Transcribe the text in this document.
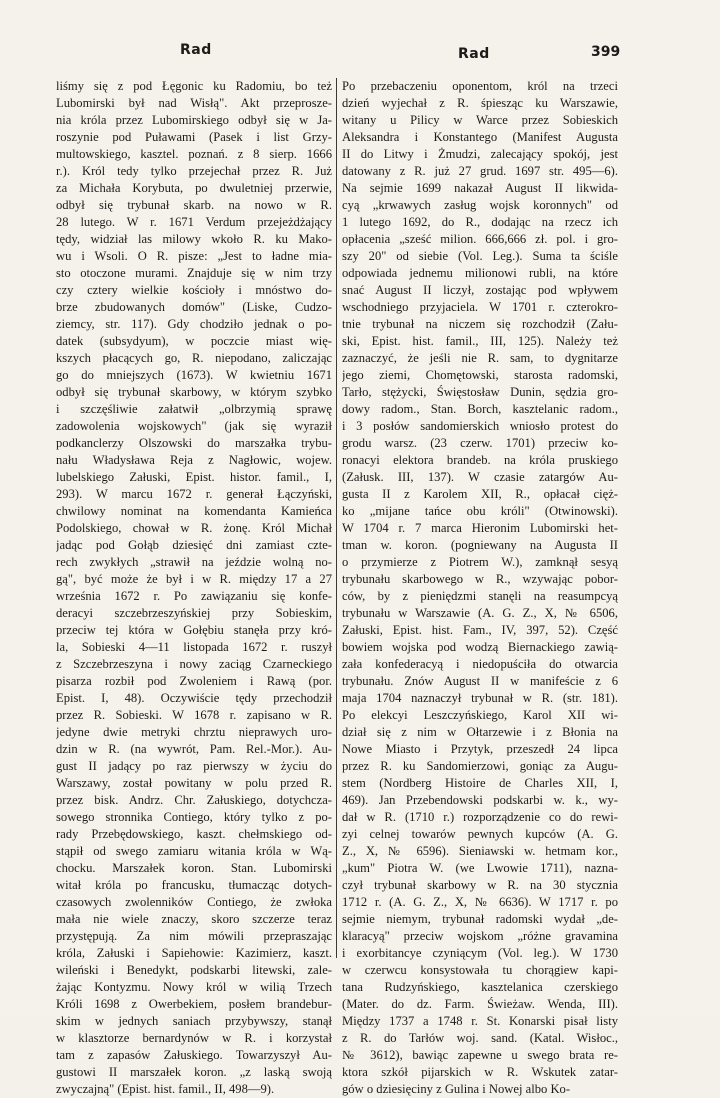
Rad	Rad	399
liśmy się z pod Łęgonic ku Radomiu, bo też
Lubomirski był nad Wisłą". Akt przeprosze-
nia króla przez Lubomirskiego odbył się w Ja-
roszynie pod Puławami (Pasek i list Grzy-
multowskiego, kasztel. poznań. z 8 sierp. 1666
r.). Król tedy tylko przejechał przez R. Już
za Michała Korybuta, po dwuletniej przerwie,
odbył się trybunał skarb. na nowo w R.
28 lutego. W r. 1671 Verdum przejeżdżający
tędy, widział las milowy wkoło R. ku Mako-
wu i Wsoli. O R. pisze: „Jest to ładne mia-
sto otoczone murami. Znajduje się w nim trzy
czy cztery wielkie kościoły i mnóstwo do-
brze zbudowanych domów" (Liske, Cudzo-
ziemcy, str. 117). Gdy chodziło jednak o po-
datek (subsydyum), w poczcie miast wię-
kszych płacących go, R. niepodano, zaliczając
go do mniejszych (1673). W kwietniu 1671
odbył się trybunał skarbowy, w którym szybko
i szczęśliwie załatwił „olbrzymią sprawę
zadowolenia wojskowych" (jak się wyraził
podkanclerzy Olszowski do marszałka trybu-
nału Władysława Reja z Nagłowic, wojew.
lubelskiego Załuski, Epist. histor. famil., I,
293). W marcu 1672 r. generał Łączyński,
chwilowy nominat na komendanta Kamieńca
Podolskiego, chował w R. żonę. Król Michał
jadąc pod Gołąb dziesięć dni zamiast cztе-
rech zwykłych „strawił na jeździe wolną no-
gą", być może że był i w R. między 17 a 27
września 1672 r. Po zawiązaniu się konfe-
deracyi szczebrzeszyńskiej przy Sobieskim,
przeciw tej która w Gołębiu stanęła przy kró-
la, Sobieski 4—11 listopada 1672 r. ruszył
z Szczebrzeszyna i nowy zaciąg Czarneckiego
pisarza rozbił pod Zwoleniem i Rawą (por.
Epist. I, 48). Oczywiście tędy przechodził
przez R. Sobieski. W 1678 r. zapisano w R.
jedyne dwie metryki chrztu nieprawych uro-
dzin w R. (na wywrót, Pam. Rel.-Mor.). Au-
gust II jadący po raz pierwszy w życiu do
Warszawy, został powitany w polu przed R.
przez bisk. Andrz. Chr. Załuskiego, dotychcza-
sowego stronnika Contiego, który tylko z po-
rady Przebędowskiego, kaszt. chełmskiego od-
stąpił od swego zamiaru witania króla w Wą-
chocku. Marszałek koron. Stan. Lubomirski
witał króla po francusku, tłumacząc dotych-
czasowych zwolenników Contiego, że zwłoka
mała nie wiele znaczy, skoro szczerze teraz
przystępują. Za nim mówili przepraszając
króla, Załuski i Sapiehowie: Kazimierz, kaszt.
wileński i Benedykt, podskarbi litewski, zale-
żając Kontyzmu. Nowy król w wilią Trzech
Króli 1698 z Owerbekiem, posłem brandebur-
skim w jednych saniach przybywszy, stanął
w klasztorze bernardynów w R. i korzystał
tam z zapasów Załuskiego. Towarzyszył Au-
gustowi II marszałek koron. „z laską swoją
zwyczajną" (Epist. hist. famil., II, 498—9).
Po przebaczeniu oponentom, król na trzeci
dzień wyjechał z R. śpiesząc ku Warszawie,
witany u Pilicy w Warce przez Sobieskich
Aleksandra i Konstantego (Manifest Augusta
II do Litwy i Żmudzi, zalecający spokój, jest
datowany z R. już 27 grud. 1697 str. 495—6).
Na sejmie 1699 nakazał August II likwida-
cyą „krwawych zasług wojsk koronnych" od
1 lutego 1692, do R., dodając na rzecz ich
opłacenia „sześć milion. 666,666 zł. pol. i gro-
szy 20" od siebie (Vol. Leg.). Suma ta ściśle
odpowiada jednemu milionowi rubli, na które
snać August II liczył, zostając pod wpływem
wschodniego przyjaciela. W 1701 r. czterokro-
tnie trybunał na niczem się rozchodził (Zału-
ski, Epist. hist. famil., III, 125). Należy też
zaznaczyć, że jeśli nie R. sam, to dygnitarze
jego ziemi, Chomętowski, starosta radomski,
Tarło, stężycki, Święstosław Dunin, sędzia gro-
dowy radom., Stan. Borch, kasztelanic radom.,
i 3 posłów sandomierskich wniosło protest do
grodu warsz. (23 czerw. 1701) przeciw ko-
ronacyi elektora brandeb. na króla pruskiego
(Załusk. III, 137). W czasie zatargów Au-
gusta II z Karolem XII, R., opłacał cięż-
ko „mijane tańce obu króli" (Otwinowski).
W 1704 r. 7 marca Hieronim Lubomirski het-
tman w. koron. (pogniewany na Augusta II
o przymierze z Piotrem W.), zamknął sesyą
trybunału skarbowego w R., wzywając pobor-
ców, by z pieniędzmi stanęli na reasumpcyą
trybunału w Warszawie (A. G. Z., X, № 6506,
Załuski, Epist. hist. Fam., IV, 397, 52). Część
bowiem wojska pod wodzą Biernackiego zawią-
zała konfederacyą i niedopuściła do otwarcia
trybunału. Znów August II w manifeście z 6
maja 1704 naznaczył trybunał w R. (str. 181).
Po elekcyi Leszczyńskiego, Karol XII wi-
dział się z nim w Ołtarzewie i z Błonia na
Nowe Miasto i Przytyk, przeszedł 24 lipca
przez R. ku Sandomierzowi, goniąc za Augu-
stem (Nordberg Histoire de Charles XII, I,
469). Jan Przebendowski podskarbi w. k., wy-
dał w R. (1710 r.) rozporządzenie co do rewi-
zyi celnej towarów pewnych kupców (A. G.
Z., X, № 6596). Sieniawski w. hetmam kor.,
„kum" Piotra W. (we Lwowie 1711), nazna-
czył trybunał skarbowy w R. na 30 stycznia
1712 r. (A. G. Z., X, № 6636). W 1717 r. po
sejmie niemym, trybunał radomski wydał „de-
klaracyą" przeciw wojskom „różne gravamina
i exorbitancye czyniącym (Vol. leg.). W 1730
w czerwcu konsystowała tu chorągiew kapi-
tana Rudzyńskiego, kasztelanica czerskiego
(Mater. do dz. Farm. Świeżaw. Wenda, III).
Między 1737 a 1748 r. St. Konarski pisał listy
z R. do Tarłów woj. sand. (Katal. Wisłoc.,
№ 3612), bawiąc zapewne u swego brata re-
ktora szkół pijarskich w R. Wskutek zatar-
gów o dziesięciny z Gulina i Nowej albo Ko-
